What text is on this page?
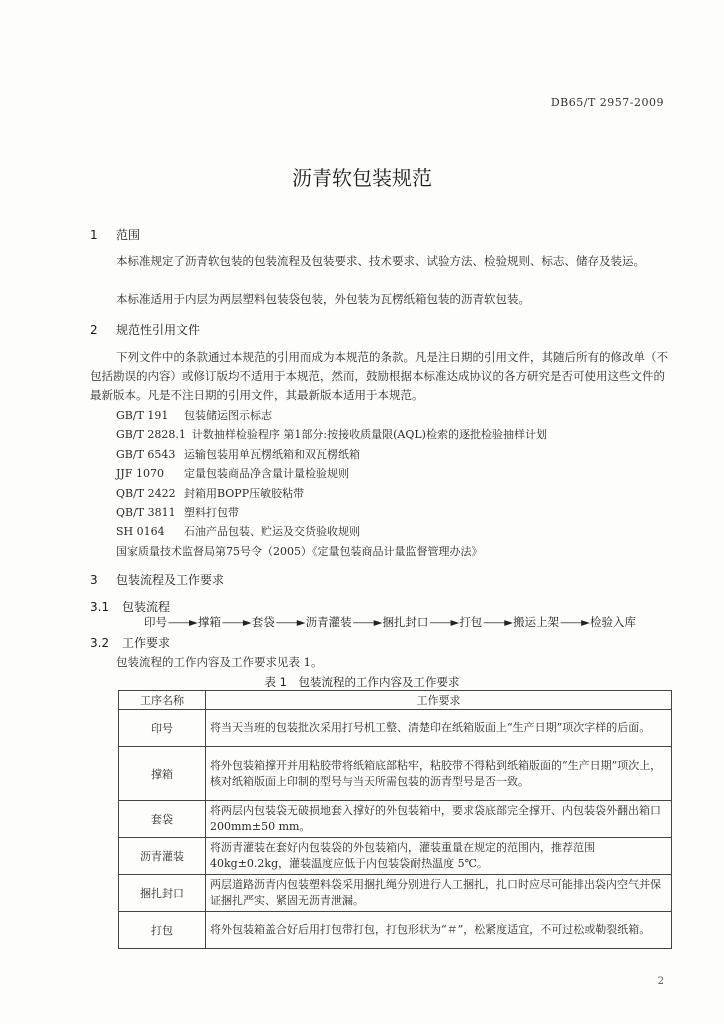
DB65/T 2957-2009
沥青软包装规范
1 范围
本标准规定了沥青软包装的包装流程及包装要求、技术要求、试验方法、检验规则、标志、储存及装运。
本标准适用于内层为两层塑料包装袋包装，外包装为瓦楞纸箱包装的沥青软包装。
2 规范性引用文件
下列文件中的条款通过本规范的引用而成为本规范的条款。凡是注日期的引用文件，其随后所有的修改单（不包括勘误的内容）或修订版均不适用于本规范，然而，鼓励根据本标准达成协议的各方研究是否可使用这些文件的最新版本。凡是不注日期的引用文件，其最新版本适用于本规范。
GB/T 191 包装储运图示标志
GB/T 2828.1 计数抽样检验程序 第1部分:按接收质量限(AQL)检索的逐批检验抽样计划
GB/T 6543 运输包装用单瓦楞纸箱和双瓦楞纸箱
JJF 1070 定量包装商品净含量计量检验规则
QB/T 2422 封箱用BOPP压敏胶粘带
QB/T 3811 塑料打包带
SH 0164 石油产品包装、贮运及交货验收规则
国家质量技术监督局第75号令（2005）《定量包装商品计量监督管理办法》
3 包装流程及工作要求
3.1 包装流程
印号——►撑箱——►套袋——►沥青灌装——►捆扎封口——►打包——►搬运上架——►检验入库
3.2 工作要求
包装流程的工作内容及工作要求见表 1。
表 1　包装流程的工作内容及工作要求
工序名称	工作要求
印号	将当天当班的包装批次采用打号机工整、清楚印在纸箱版面上“生产日期”项次字样的后面。
撑箱	将外包装箱撑开并用粘胶带将纸箱底部粘牢，粘胶带不得粘到纸箱版面的“生产日期”项次上，核对纸箱版面上印制的型号与当天所需包装的沥青型号是否一致。
套袋	将两层内包装袋无破损地套入撑好的外包装箱中，要求袋底部完全撑开、内包装袋外翻出箱口 200mm±50 mm。
沥青灌装	将沥青灌装在套好内包装袋的外包装箱内，灌装重量在规定的范围内，推荐范围 40kg±0.2kg，灌装温度应低于内包装袋耐热温度 5℃。
捆扎封口	两层道路沥青内包装塑料袋采用捆扎绳分别进行人工捆扎，扎口时应尽可能排出袋内空气并保证捆扎严实、紧固无沥青泄漏。
打包	将外包装箱盖合好后用打包带打包，打包形状为“＃”，松紧度适宜，不可过松或勒裂纸箱。
2
